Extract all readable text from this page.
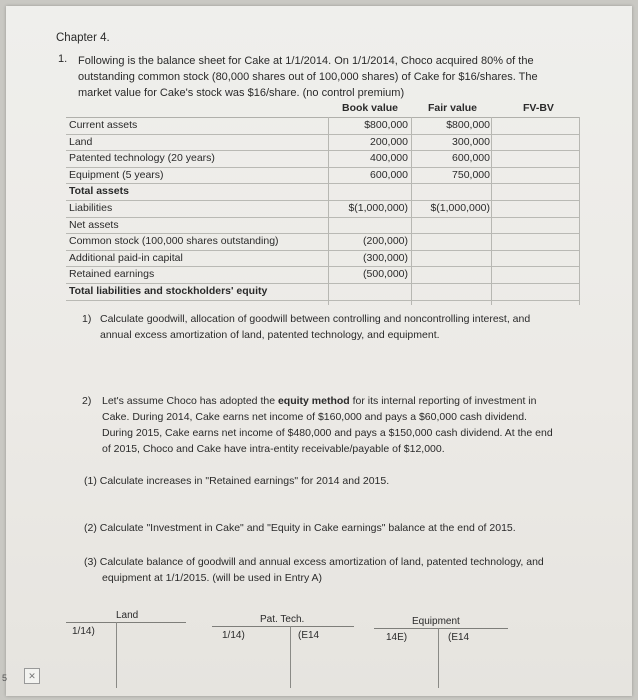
Chapter 4.
1. Following is the balance sheet for Cake at 1/1/2014. On 1/1/2014, Choco acquired 80% of the
outstanding common stock (80,000 shares out of 100,000 shares) of Cake for $16/shares. The
market value for Cake's stock was $16/share. (no control premium)
Book value	Fair value	FV-BV
Current assets	$800,000	$800,000
Land	200,000	300,000
Patented technology (20 years)	400,000	600,000
Equipment (5 years)	600,000	750,000
Total assets
Liabilities	$(1,000,000) $(1,000,000)
Net assets
Common stock (100,000 shares outstanding)	(200,000)
Additional paid-in capital	(300,000)
Retained earnings	(500,000)
Total liabilities and stockholders' equity
1) Calculate goodwill, allocation of goodwill between controlling and noncontrolling interest, and
annual excess amortization of land, patented technology, and equipment.
2) Let's assume Choco has adopted the equity method for its internal reporting of investment in
Cake. During 2014, Cake earns net income of $160,000 and pays a $60,000 cash dividend.
During 2015, Cake earns net income of $480,000 and pays a $150,000 cash dividend. At the end
of 2015, Choco and Cake have intra-entity receivable/payable of $12,000.
(1) Calculate increases in "Retained earnings" for 2014 and 2015.
(2) Calculate "Investment in Cake" and "Equity in Cake earnings" balance at the end of 2015.
(3) Calculate balance of goodwill and annual excess amortization of land, patented technology, and
equipment at 1/1/2015. (will be used in Entry A)
Land
1/14)
Pat. Tech.
1/14)	(E14
Equipment
14E)	(E14
5	✕
